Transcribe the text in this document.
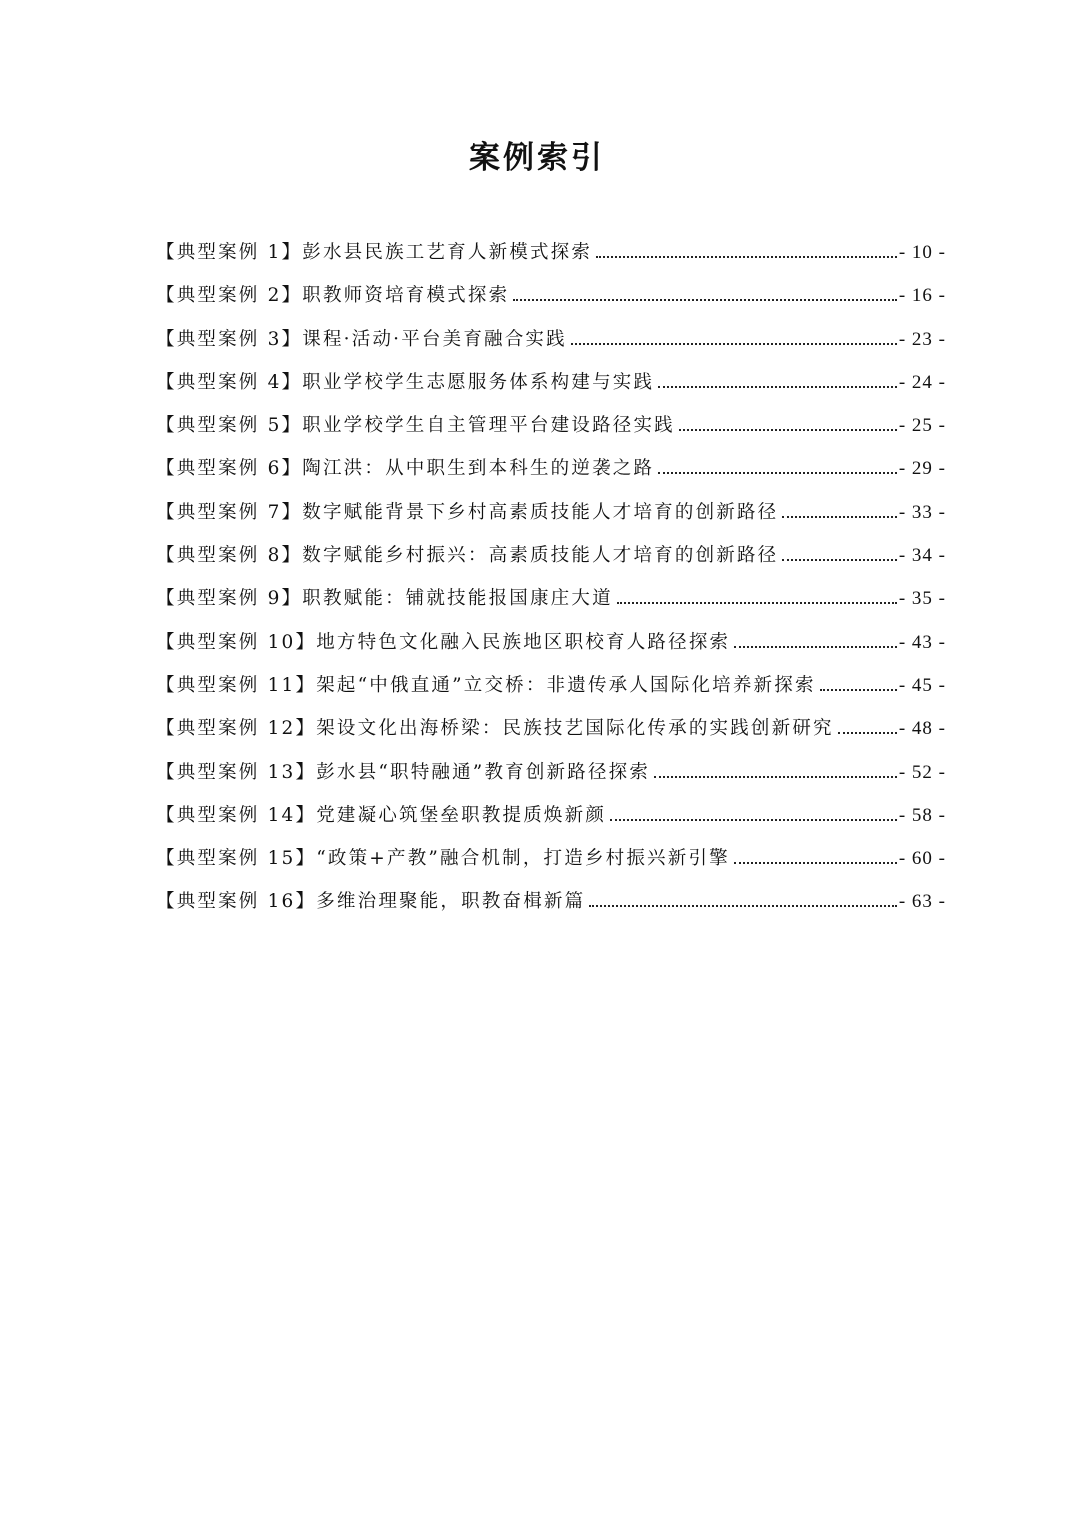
案例索引
【典型案例 1】 彭水县民族工艺育人新模式探索	- 10 -
【典型案例 2】 职教师资培育模式探索	- 16 -
【典型案例 3】 课程·活动·平台美育融合实践	- 23 -
【典型案例 4】 职业学校学生志愿服务体系构建与实践	- 24 -
【典型案例 5】 职业学校学生自主管理平台建设路径实践	- 25 -
【典型案例 6】 陶江洪：从中职生到本科生的逆袭之路	- 29 -
【典型案例 7】 数字赋能背景下乡村高素质技能人才培育的创新路径	- 33 -
【典型案例 8】 数字赋能乡村振兴：高素质技能人才培育的创新路径	- 34 -
【典型案例 9】 职教赋能：铺就技能报国康庄大道	- 35 -
【典型案例 10】 地方特色文化融入民族地区职校育人路径探索	- 43 -
【典型案例 11】 架起“中俄直通”立交桥：非遗传承人国际化培养新探索	- 45 -
【典型案例 12】 架设文化出海桥梁：民族技艺国际化传承的实践创新研究	- 48 -
【典型案例 13】 彭水县“职特融通”教育创新路径探索	- 52 -
【典型案例 14】 党建凝心筑堡垒职教提质焕新颜	- 58 -
【典型案例 15】 “政策+产教”融合机制，打造乡村振兴新引擎	- 60 -
【典型案例 16】 多维治理聚能，职教奋楫新篇	- 63 -
